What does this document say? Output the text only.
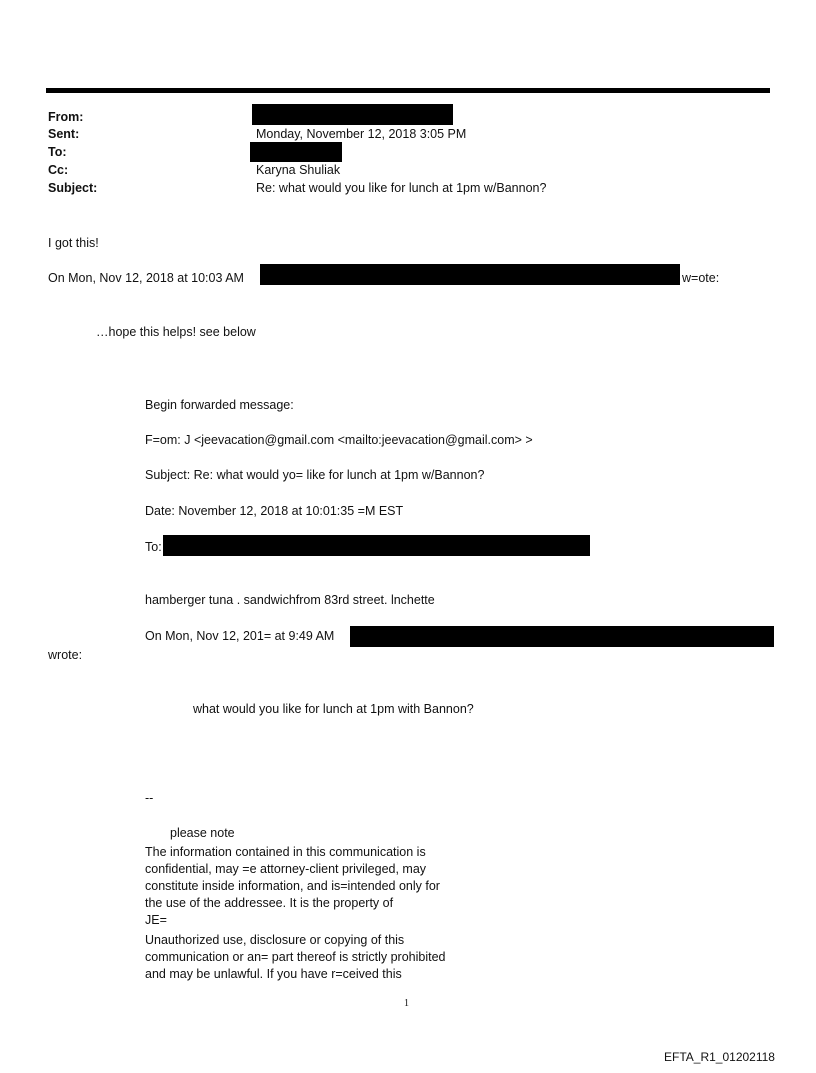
From:
Sent:	Monday, November 12, 2018 3:05 PM
To:
Cc:	Karyna Shuliak
Subject:	Re: what would you like for lunch at 1pm w/Bannon?
I got this!
On Mon, Nov 12, 2018 at 10:03 AM	w=ote:
…hope this helps! see below
Begin forwarded message:
F=om: J <jeevacation@gmail.com <mailto:jeevacation@gmail.com> >
Subject: Re: what would yo= like for lunch at 1pm w/Bannon?
Date: November 12, 2018 at 10:01:35 =M EST
To:
hamberger tuna . sandwichfrom 83rd street. lnchette
On Mon, Nov 12, 201= at 9:49 AM
wrote:
what would you like for lunch at 1pm with Bannon?
--
please note
The information contained in this communication is
confidential, may =e attorney-client privileged, may
constitute inside information, and is=intended only for
the use of the addressee. It is the property of
JE=
Unauthorized use, disclosure or copying of this
communication or an= part thereof is strictly prohibited
and may be unlawful. If you have r=ceived this
1
EFTA_R1_01202118
